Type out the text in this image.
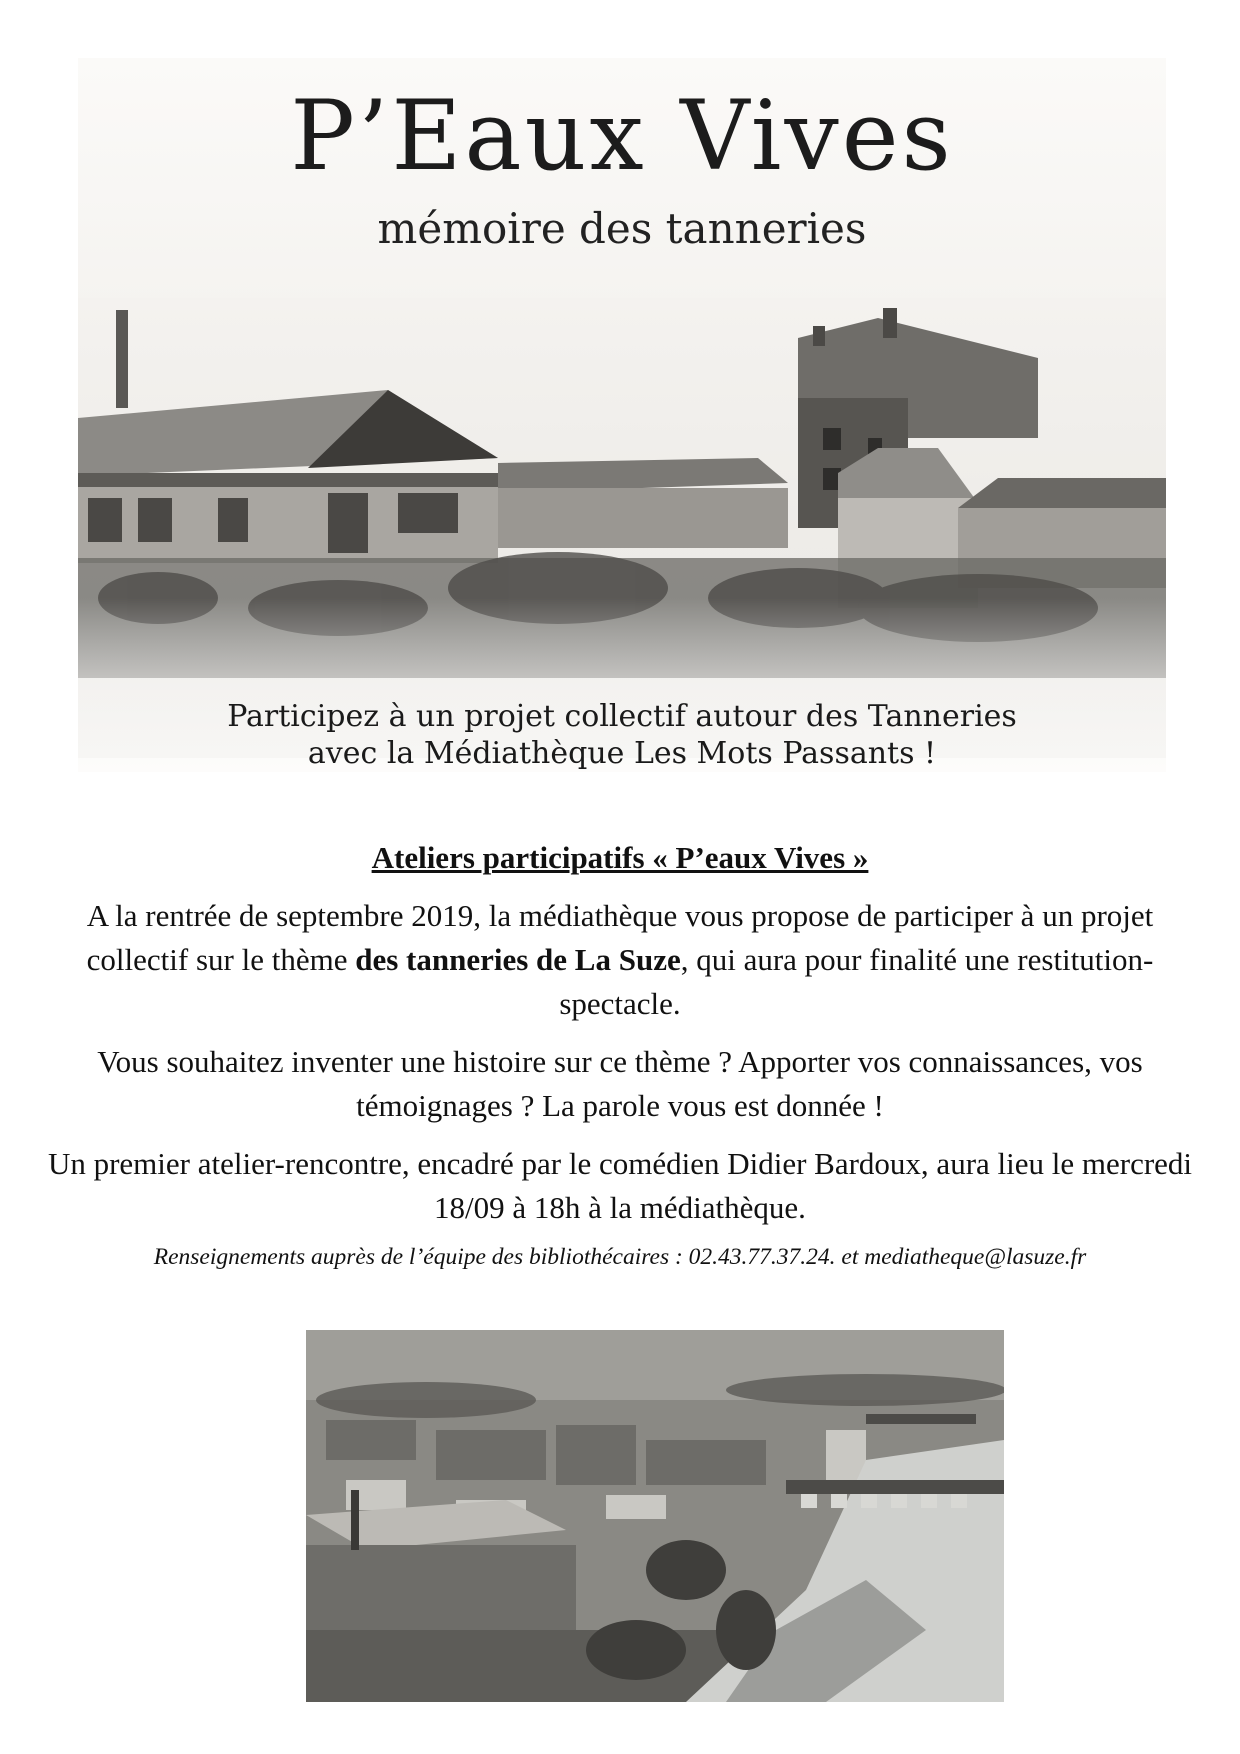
P’Eaux Vives
mémoire des tanneries
Participez à un projet collectif autour des Tanneries
avec la Médiathèque Les Mots Passants !
Ateliers participatifs « P’eaux Vives »

A la rentrée de septembre 2019, la médiathèque vous propose de participer à un projet collectif sur le thème des tanneries de La Suze, qui aura pour finalité une restitution-spectacle.

Vous souhaitez inventer une histoire sur ce thème ? Apporter vos connaissances, vos témoignages ? La parole vous est donnée !

Un premier atelier-rencontre, encadré par le comédien Didier Bardoux, aura lieu le mercredi 18/09 à 18h à la médiathèque.

Renseignements auprès de l’équipe des bibliothécaires : 02.43.77.37.24. et mediatheque@lasuze.fr
